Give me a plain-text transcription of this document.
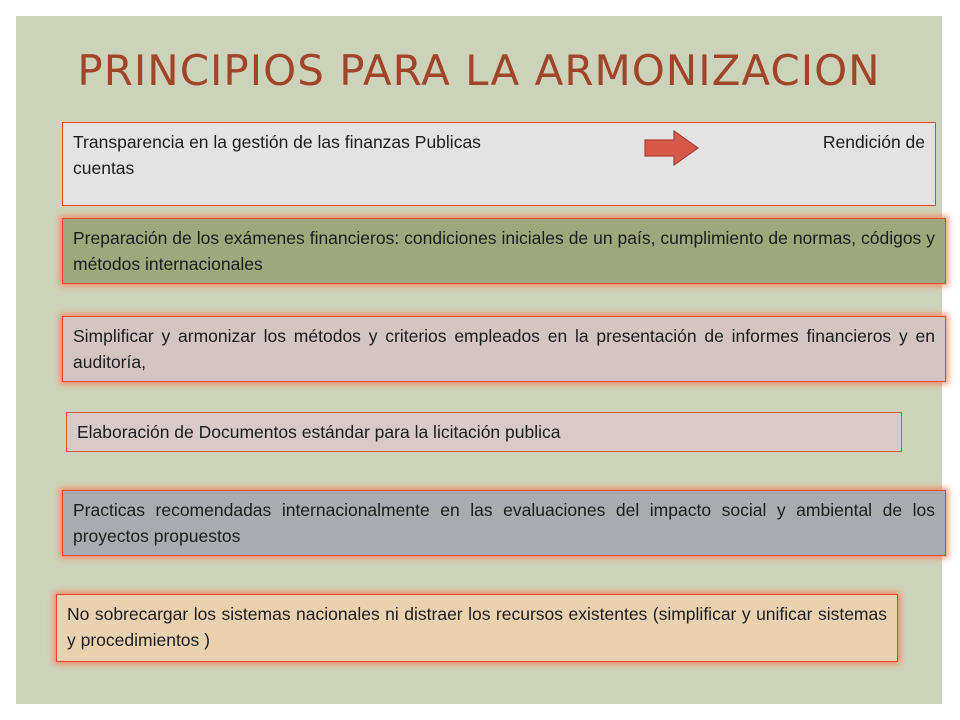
PRINCIPIOS PARA LA ARMONIZACION
Transparencia en la gestión de las finanzas Publicas	Rendición de
cuentas
Preparación de los exámenes financieros: condiciones iniciales de un país, cumplimiento de normas, códigos y métodos internacionales
Simplificar y armonizar los métodos y criterios empleados en la presentación de informes financieros y en auditoría,
Elaboración de Documentos estándar para la licitación publica
Practicas recomendadas internacionalmente en las evaluaciones del impacto social y ambiental de los proyectos propuestos
No sobrecargar los sistemas nacionales ni distraer los recursos existentes (simplificar y unificar sistemas y procedimientos )
